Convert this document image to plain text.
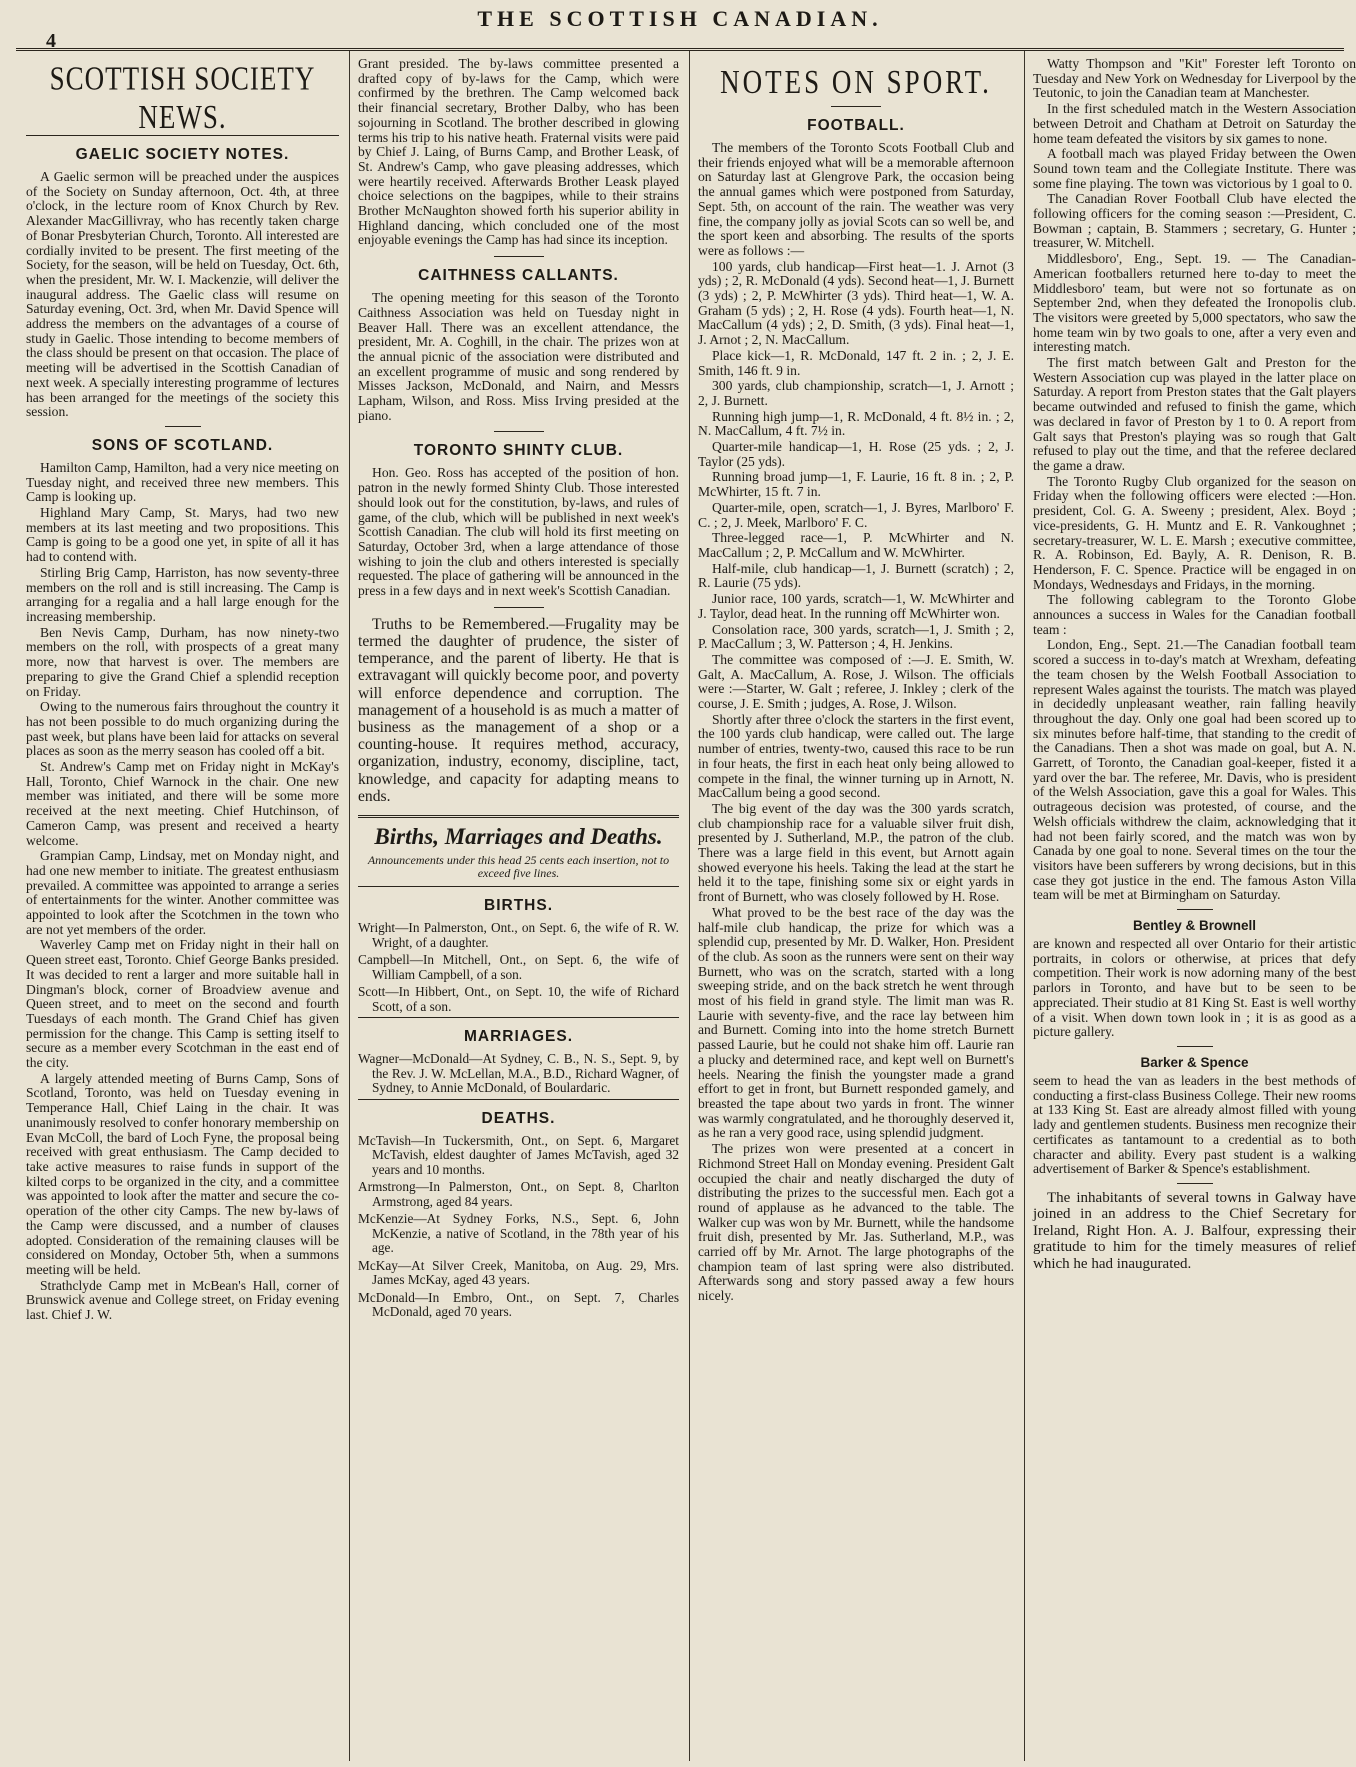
4
THE SCOTTISH CANADIAN.
SCOTTISH SOCIETY NEWS.
GAELIC SOCIETY NOTES.

A Gaelic sermon will be preached under the auspices of the Society on Sunday afternoon, Oct. 4th, at three o'clock, in the lecture room of Knox Church by Rev. Alexander MacGillivray, who has recently taken charge of Bonar Presbyterian Church, Toronto. All interested are cordially invited to be present. The first meeting of the Society, for the season, will be held on Tuesday, Oct. 6th, when the president, Mr. W. I. Mackenzie, will deliver the inaugural address. The Gaelic class will resume on Saturday evening, Oct. 3rd, when Mr. David Spence will address the members on the advantages of a course of study in Gaelic. Those intending to become members of the class should be present on that occasion. The place of meeting will be advertised in the Scottish Canadian of next week. A specially interesting programme of lectures has been arranged for the meetings of the society this session.

SONS OF SCOTLAND.

Hamilton Camp, Hamilton, had a very nice meeting on Tuesday night, and received three new members. This Camp is looking up.

Highland Mary Camp, St. Marys, had two new members at its last meeting and two propositions. This Camp is going to be a good one yet, in spite of all it has had to contend with.

Stirling Brig Camp, Harriston, has now seventy-three members on the roll and is still increasing. The Camp is arranging for a regalia and a hall large enough for the increasing membership.

Ben Nevis Camp, Durham, has now ninety-two members on the roll, with prospects of a great many more, now that harvest is over. The members are preparing to give the Grand Chief a splendid reception on Friday.

Owing to the numerous fairs throughout the country it has not been possible to do much organizing during the past week, but plans have been laid for attacks on several places as soon as the merry season has cooled off a bit.

St. Andrew's Camp met on Friday night in McKay's Hall, Toronto, Chief Warnock in the chair. One new member was initiated, and there will be some more received at the next meeting. Chief Hutchinson, of Cameron Camp, was present and received a hearty welcome.

Grampian Camp, Lindsay, met on Monday night, and had one new member to initiate. The greatest enthusiasm prevailed. A committee was appointed to arrange a series of entertainments for the winter. Another committee was appointed to look after the Scotchmen in the town who are not yet members of the order.

Waverley Camp met on Friday night in their hall on Queen street east, Toronto. Chief George Banks presided. It was decided to rent a larger and more suitable hall in Dingman's block, corner of Broadview avenue and Queen street, and to meet on the second and fourth Tuesdays of each month. The Grand Chief has given permission for the change. This Camp is setting itself to secure as a member every Scotchman in the east end of the city.

A largely attended meeting of Burns Camp, Sons of Scotland, Toronto, was held on Tuesday evening in Temperance Hall, Chief Laing in the chair. It was unanimously resolved to confer honorary membership on Evan McColl, the bard of Loch Fyne, the proposal being received with great enthusiasm. The Camp decided to take active measures to raise funds in support of the kilted corps to be organized in the city, and a committee was appointed to look after the matter and secure the co-operation of the other city Camps. The new by-laws of the Camp were discussed, and a number of clauses adopted. Consideration of the remaining clauses will be considered on Monday, October 5th, when a summons meeting will be held.

Strathclyde Camp met in McBean's Hall, corner of Brunswick avenue and College street, on Friday evening last. Chief J. W.

Grant presided. The by-laws committee presented a drafted copy of by-laws for the Camp, which were confirmed by the brethren. The Camp welcomed back their financial secretary, Brother Dalby, who has been sojourning in Scotland. The brother described in glowing terms his trip to his native heath. Fraternal visits were paid by Chief J. Laing, of Burns Camp, and Brother Leask, of St. Andrew's Camp, who gave pleasing addresses, which were heartily received. Afterwards Brother Leask played choice selections on the bagpipes, while to their strains Brother McNaughton showed forth his superior ability in Highland dancing, which concluded one of the most enjoyable evenings the Camp has had since its inception.

CAITHNESS CALLANTS.

The opening meeting for this season of the Toronto Caithness Association was held on Tuesday night in Beaver Hall. There was an excellent attendance, the president, Mr. A. Coghill, in the chair. The prizes won at the annual picnic of the association were distributed and an excellent programme of music and song rendered by Misses Jackson, McDonald, and Nairn, and Messrs Lapham, Wilson, and Ross. Miss Irving presided at the piano.

TORONTO SHINTY CLUB.

Hon. Geo. Ross has accepted of the position of hon. patron in the newly formed Shinty Club. Those interested should look out for the constitution, by-laws, and rules of game, of the club, which will be published in next week's Scottish Canadian. The club will hold its first meeting on Saturday, October 3rd, when a large attendance of those wishing to join the club and others interested is specially requested. The place of gathering will be announced in the press in a few days and in next week's Scottish Canadian.

Truths to be Remembered.—Frugality may be termed the daughter of prudence, the sister of temperance, and the parent of liberty. He that is extravagant will quickly become poor, and poverty will enforce dependence and corruption. The management of a household is as much a matter of business as the management of a shop or a counting-house. It requires method, accuracy, organization, industry, economy, discipline, tact, knowledge, and capacity for adapting means to ends.
Births, Marriages and Deaths.

Announcements under this head 25 cents each insertion, not to exceed five lines.

BIRTHS.

Wright—In Palmerston, Ont., on Sept. 6, the wife of R. W. Wright, of a daughter.

Campbell—In Mitchell, Ont., on Sept. 6, the wife of William Campbell, of a son.

Scott—In Hibbert, Ont., on Sept. 10, the wife of Richard Scott, of a son.

MARRIAGES.

Wagner—McDonald—At Sydney, C. B., N. S., Sept. 9, by the Rev. J. W. McLellan, M.A., B.D., Richard Wagner, of Sydney, to Annie McDonald, of Boulardaric.

DEATHS.

McTavish—In Tuckersmith, Ont., on Sept. 6, Margaret McTavish, eldest daughter of James McTavish, aged 32 years and 10 months.

Armstrong—In Palmerston, Ont., on Sept. 8, Charlton Armstrong, aged 84 years.

McKenzie—At Sydney Forks, N.S., Sept. 6, John McKenzie, a native of Scotland, in the 78th year of his age.

McKay—At Silver Creek, Manitoba, on Aug. 29, Mrs. James McKay, aged 43 years.

McDonald—In Embro, Ont., on Sept. 7, Charles McDonald, aged 70 years.

NOTES ON SPORT.
FOOTBALL.

The members of the Toronto Scots Football Club and their friends enjoyed what will be a memorable afternoon on Saturday last at Glengrove Park, the occasion being the annual games which were postponed from Saturday, Sept. 5th, on account of the rain. The weather was very fine, the company jolly as jovial Scots can so well be, and the sport keen and absorbing. The results of the sports were as follows :—

100 yards, club handicap—First heat—1. J. Arnot (3 yds) ; 2, R. McDonald (4 yds). Second heat—1, J. Burnett (3 yds) ; 2, P. McWhirter (3 yds). Third heat—1, W. A. Graham (5 yds) ; 2, H. Rose (4 yds). Fourth heat—1, N. MacCallum (4 yds) ; 2, D. Smith, (3 yds). Final heat—1, J. Arnot ; 2, N. MacCallum.

Place kick—1, R. McDonald, 147 ft. 2 in. ; 2, J. E. Smith, 146 ft. 9 in.

300 yards, club championship, scratch—1, J. Arnott ; 2, J. Burnett.

Running high jump—1, R. McDonald, 4 ft. 8½ in. ; 2, N. MacCallum, 4 ft. 7½ in.

Quarter-mile handicap—1, H. Rose (25 yds. ; 2, J. Taylor (25 yds).

Running broad jump—1, F. Laurie, 16 ft. 8 in. ; 2, P. McWhirter, 15 ft. 7 in.

Quarter-mile, open, scratch—1, J. Byres, Marlboro' F. C. ; 2, J. Meek, Marlboro' F. C.

Three-legged race—1, P. McWhirter and N. MacCallum ; 2, P. McCallum and W. McWhirter.

Half-mile, club handicap—1, J. Burnett (scratch) ; 2, R. Laurie (75 yds).

Junior race, 100 yards, scratch—1, W. McWhirter and J. Taylor, dead heat. In the running off McWhirter won.

Consolation race, 300 yards, scratch—1, J. Smith ; 2, P. MacCallum ; 3, W. Patterson ; 4, H. Jenkins.

The committee was composed of :—J. E. Smith, W. Galt, A. MacCallum, A. Rose, J. Wilson. The officials were :—Starter, W. Galt ; referee, J. Inkley ; clerk of the course, J. E. Smith ; judges, A. Rose, J. Wilson.

Shortly after three o'clock the starters in the first event, the 100 yards club handicap, were called out. The large number of entries, twenty-two, caused this race to be run in four heats, the first in each heat only being allowed to compete in the final, the winner turning up in Arnott, N. MacCallum being a good second.

The big event of the day was the 300 yards scratch, club championship race for a valuable silver fruit dish, presented by J. Sutherland, M.P., the patron of the club. There was a large field in this event, but Arnott again showed everyone his heels. Taking the lead at the start he held it to the tape, finishing some six or eight yards in front of Burnett, who was closely followed by H. Rose.

What proved to be the best race of the day was the half-mile club handicap, the prize for which was a splendid cup, presented by Mr. D. Walker, Hon. President of the club. As soon as the runners were sent on their way Burnett, who was on the scratch, started with a long sweeping stride, and on the back stretch he went through most of his field in grand style. The limit man was R. Laurie with seventy-five, and the race lay between him and Burnett. Coming into into the home stretch Burnett passed Laurie, but he could not shake him off. Laurie ran a plucky and determined race, and kept well on Burnett's heels. Nearing the finish the youngster made a grand effort to get in front, but Burnett responded gamely, and breasted the tape about two yards in front. The winner was warmly congratulated, and he thoroughly deserved it, as he ran a very good race, using splendid judgment.

The prizes won were presented at a concert in Richmond Street Hall on Monday evening. President Galt occupied the chair and neatly discharged the duty of distributing the prizes to the successful men. Each got a round of applause as he advanced to the table. The Walker cup was won by Mr. Burnett, while the handsome fruit dish, presented by Mr. Jas. Sutherland, M.P., was carried off by Mr. Arnot. The large photographs of the champion team of last spring were also distributed. Afterwards song and story passed away a few hours nicely.

Watty Thompson and "Kit" Forester left Toronto on Tuesday and New York on Wednesday for Liverpool by the Teutonic, to join the Canadian team at Manchester.

In the first scheduled match in the Western Association between Detroit and Chatham at Detroit on Saturday the home team defeated the visitors by six games to none.

A football mach was played Friday between the Owen Sound town team and the Collegiate Institute. There was some fine playing. The town was victorious by 1 goal to 0.

The Canadian Rover Football Club have elected the following officers for the coming season :—President, C. Bowman ; captain, B. Stammers ; secretary, G. Hunter ; treasurer, W. Mitchell.

Middlesboro', Eng., Sept. 19. — The Canadian-American footballers returned here to-day to meet the Middlesboro' team, but were not so fortunate as on September 2nd, when they defeated the Ironopolis club. The visitors were greeted by 5,000 spectators, who saw the home team win by two goals to one, after a very even and interesting match.

The first match between Galt and Preston for the Western Association cup was played in the latter place on Saturday. A report from Preston states that the Galt players became outwinded and refused to finish the game, which was declared in favor of Preston by 1 to 0. A report from Galt says that Preston's playing was so rough that Galt refused to play out the time, and that the referee declared the game a draw.

The Toronto Rugby Club organized for the season on Friday when the following officers were elected :—Hon. president, Col. G. A. Sweeny ; president, Alex. Boyd ; vice-presidents, G. H. Muntz and E. R. Vankoughnet ; secretary-treasurer, W. L. E. Marsh ; executive committee, R. A. Robinson, Ed. Bayly, A. R. Denison, R. B. Henderson, F. C. Spence. Practice will be engaged in on Mondays, Wednesdays and Fridays, in the morning.

The following cablegram to the Toronto Globe announces a success in Wales for the Canadian football team :

London, Eng., Sept. 21.—The Canadian football team scored a success in to-day's match at Wrexham, defeating the team chosen by the Welsh Football Association to represent Wales against the tourists. The match was played in decidedly unpleasant weather, rain falling heavily throughout the day. Only one goal had been scored up to six minutes before half-time, that standing to the credit of the Canadians. Then a shot was made on goal, but A. N. Garrett, of Toronto, the Canadian goal-keeper, fisted it a yard over the bar. The referee, Mr. Davis, who is president of the Welsh Association, gave this a goal for Wales. This outrageous decision was protested, of course, and the Welsh officials withdrew the claim, acknowledging that it had not been fairly scored, and the match was won by Canada by one goal to none. Several times on the tour the visitors have been sufferers by wrong decisions, but in this case they got justice in the end. The famous Aston Villa team will be met at Birmingham on Saturday.

Bentley & Brownell

are known and respected all over Ontario for their artistic portraits, in colors or otherwise, at prices that defy competition. Their work is now adorning many of the best parlors in Toronto, and have but to be seen to be appreciated. Their studio at 81 King St. East is well worthy of a visit. When down town look in ; it is as good as a picture gallery.

Barker & Spence

seem to head the van as leaders in the best methods of conducting a first-class Business College. Their new rooms at 133 King St. East are already almost filled with young lady and gentlemen students. Business men recognize their certificates as tantamount to a credential as to both character and ability. Every past student is a walking advertisement of Barker & Spence's establishment.

The inhabitants of several towns in Galway have joined in an address to the Chief Secretary for Ireland, Right Hon. A. J. Balfour, expressing their gratitude to him for the timely measures of relief which he had inaugurated.
